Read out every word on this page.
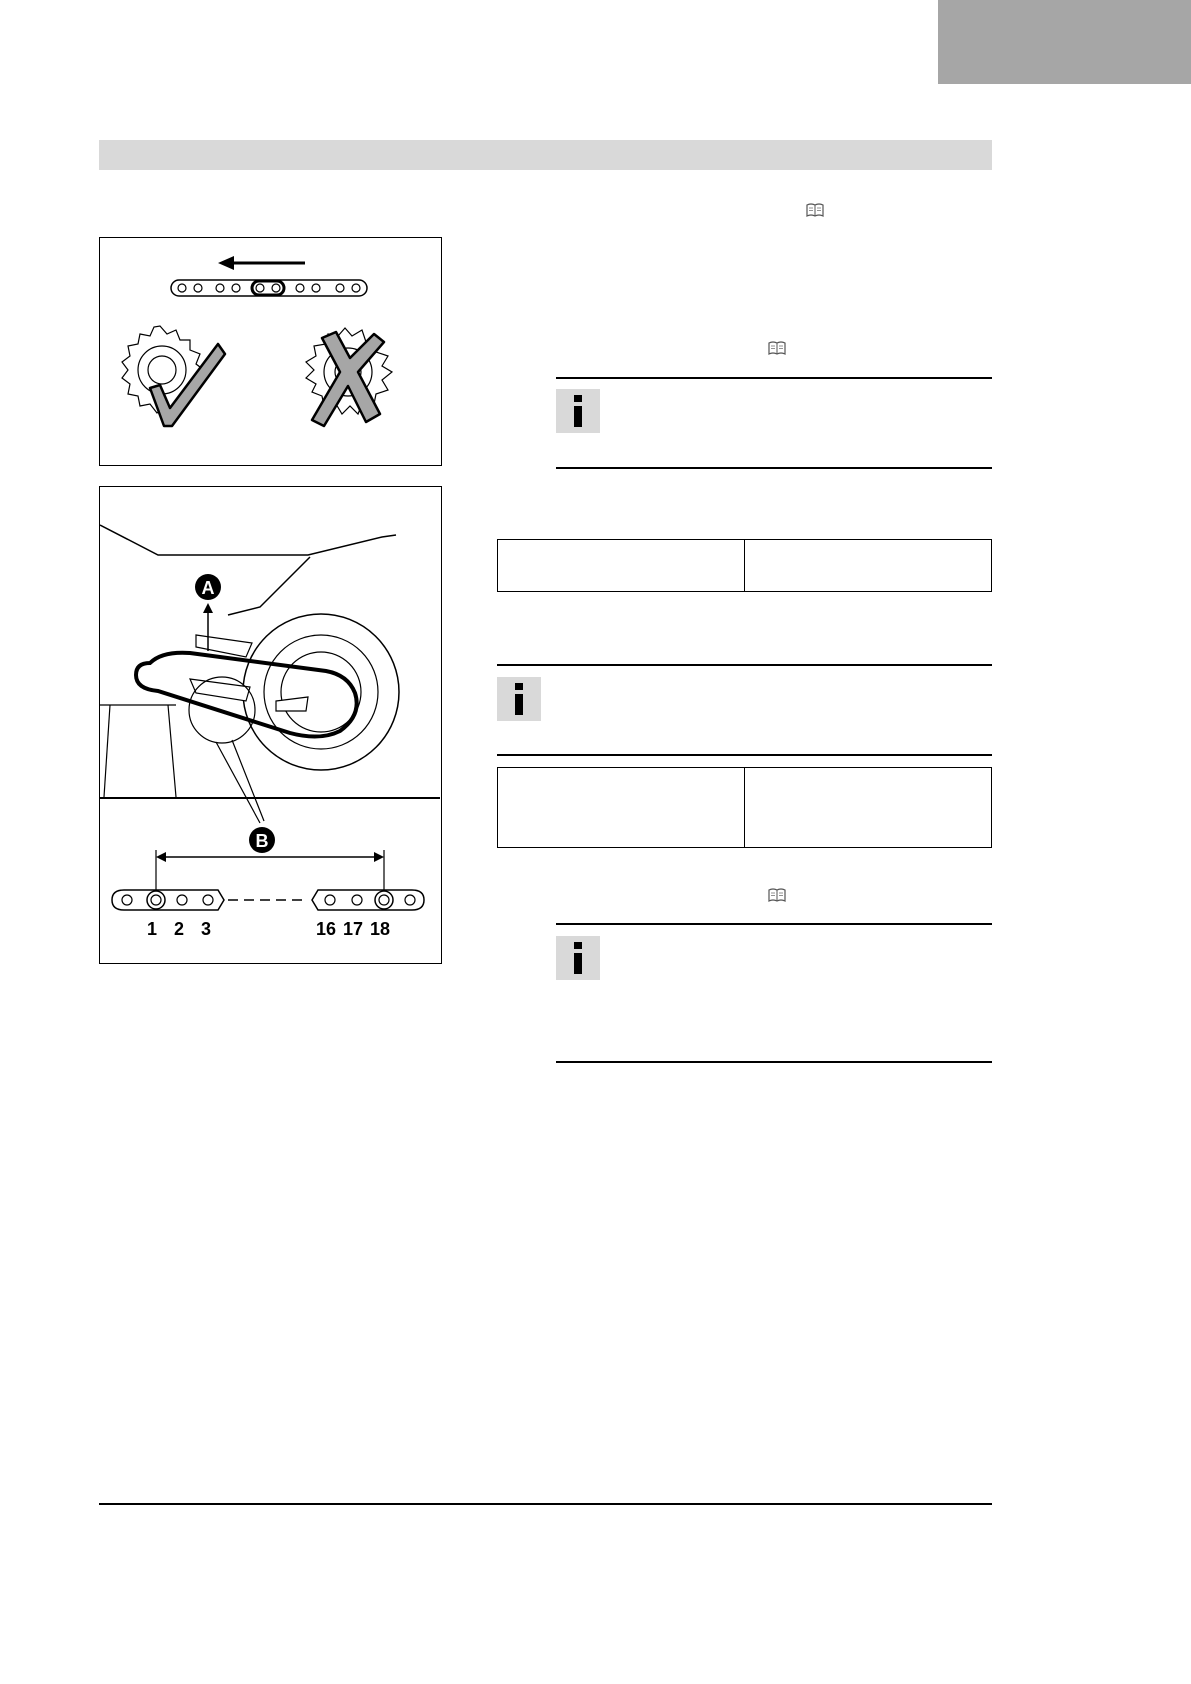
A
B
1 2 3	16 17 18
